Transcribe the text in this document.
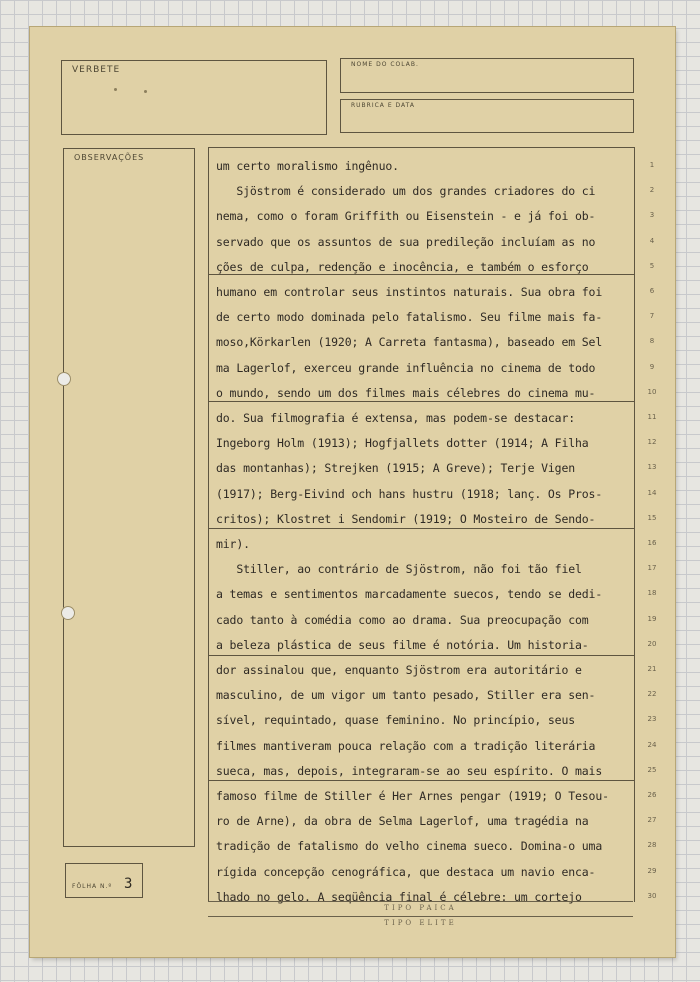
VERBETE
NOME DO COLAB.
RUBRICA E DATA
OBSERVAÇÕES
FÔLHA N.º 3
um certo moralismo ingênuo.
Sjöstrom é considerado um dos grandes criadores do ci
nema, como o foram Griffith ou Eisenstein - e já foi ob-
servado que os assuntos de sua predileção incluíam as no
ções de culpa, redenção e inocência, e também o esforço
humano em controlar seus instintos naturais. Sua obra foi
de certo modo dominada pelo fatalismo. Seu filme mais fa-
moso,Körkarlen (1920; A Carreta fantasma), baseado em Sel
ma Lagerlof, exerceu grande influência no cinema de todo
o mundo, sendo um dos filmes mais célebres do cinema mu-
do. Sua filmografia é extensa, mas podem-se destacar:
Ingeborg Holm (1913); Hogfjallets dotter (1914; A Filha
das montanhas); Strejken (1915; A Greve); Terje Vigen
(1917); Berg-Eivind och hans hustru (1918; lanç. Os Pros-
critos); Klostret i Sendomir (1919; O Mosteiro de Sendo-
mir).
Stiller, ao contrário de Sjöstrom, não foi tão fiel
a temas e sentimentos marcadamente suecos, tendo se dedi-
cado tanto à comédia como ao drama. Sua preocupação com
a beleza plástica de seus filme é notória. Um historia-
dor assinalou que, enquanto Sjöstrom era autoritário e
masculino, de um vigor um tanto pesado, Stiller era sen-
sível, requintado, quase feminino. No princípio, seus
filmes mantiveram pouca relação com a tradição literária
sueca, mas, depois, integraram-se ao seu espírito. O mais
famoso filme de Stiller é Her Arnes pengar (1919; O Tesou-
ro de Arne), da obra de Selma Lagerlof, uma tragédia na
tradição de fatalismo do velho cinema sueco. Domina-o uma
rígida concepção cenográfica, que destaca um navio enca-
lhado no gelo. A seqüência final é célebre: um cortejo
1
2
3
4
5
6
7
8
9
10
11
12
13
14
15
16
17
18
19
20
21
22
23
24
25
26
27
28
29
30
TIPO PAICA
TIPO ELITE
